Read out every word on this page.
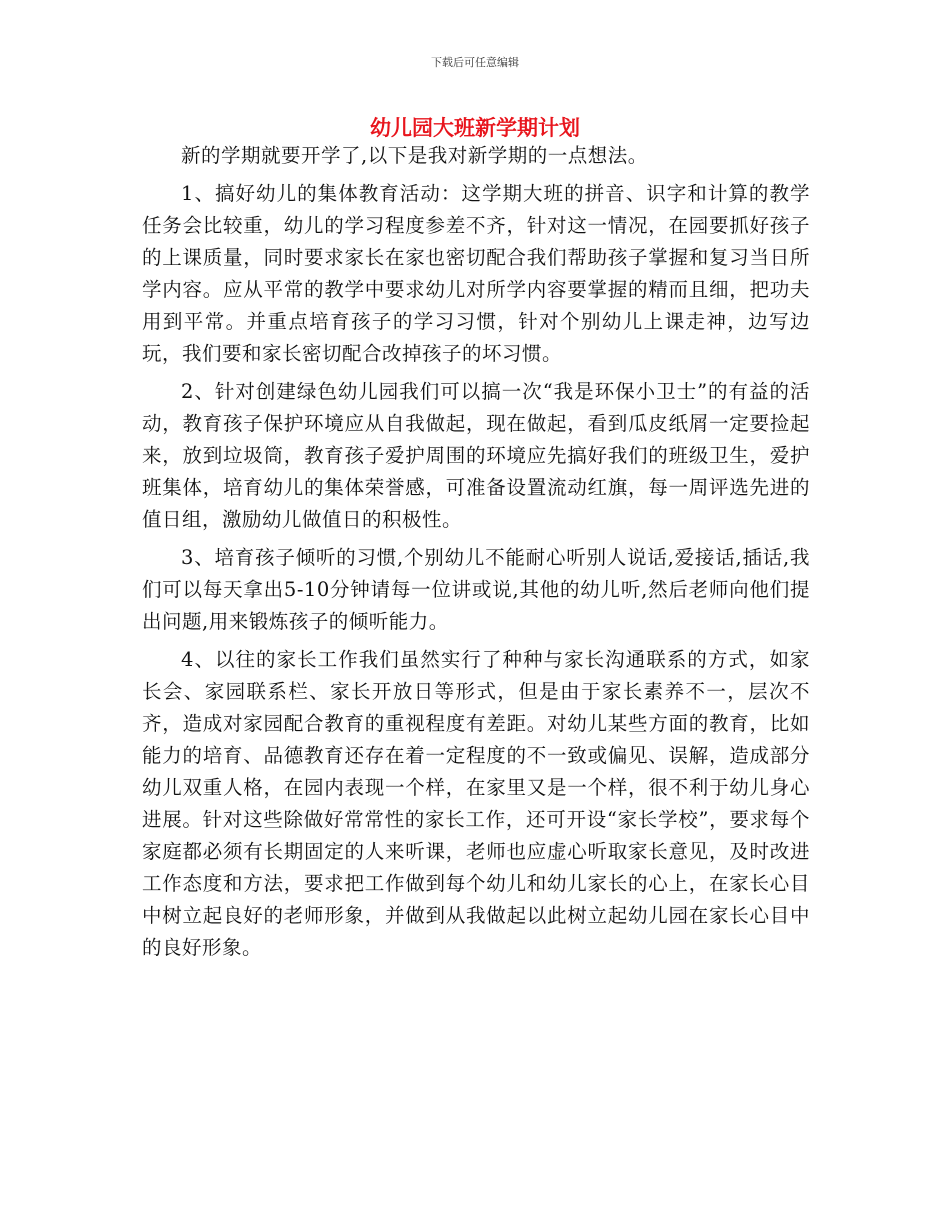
下载后可任意编辑
幼儿园大班新学期计划

新的学期就要开学了,以下是我对新学期的一点想法。

1、搞好幼儿的集体教育活动：这学期大班的拼音、识字和计算的教学任务会比较重，幼儿的学习程度参差不齐，针对这一情况，在园要抓好孩子的上课质量，同时要求家长在家也密切配合我们帮助孩子掌握和复习当日所学内容。应从平常的教学中要求幼儿对所学内容要掌握的精而且细，把功夫用到平常。并重点培育孩子的学习习惯，针对个别幼儿上课走神，边写边玩，我们要和家长密切配合改掉孩子的坏习惯。

2、针对创建绿色幼儿园我们可以搞一次“我是环保小卫士”的有益的活动，教育孩子保护环境应从自我做起，现在做起，看到瓜皮纸屑一定要捡起来，放到垃圾筒，教育孩子爱护周围的环境应先搞好我们的班级卫生，爱护班集体，培育幼儿的集体荣誉感，可准备设置流动红旗，每一周评选先进的值日组，激励幼儿做值日的积极性。

3、培育孩子倾听的习惯,个别幼儿不能耐心听别人说话,爱接话,插话,我们可以每天拿出5-10分钟请每一位讲或说,其他的幼儿听,然后老师向他们提出问题,用来锻炼孩子的倾听能力。

4、以往的家长工作我们虽然实行了种种与家长沟通联系的方式，如家长会、家园联系栏、家长开放日等形式，但是由于家长素养不一，层次不齐，造成对家园配合教育的重视程度有差距。对幼儿某些方面的教育，比如能力的培育、品德教育还存在着一定程度的不一致或偏见、误解，造成部分幼儿双重人格，在园内表现一个样，在家里又是一个样，很不利于幼儿身心进展。针对这些除做好常常性的家长工作，还可开设“家长学校”，要求每个家庭都必须有长期固定的人来听课，老师也应虚心听取家长意见，及时改进工作态度和方法，要求把工作做到每个幼儿和幼儿家长的心上，在家长心目中树立起良好的老师形象，并做到从我做起以此树立起幼儿园在家长心目中的良好形象。
